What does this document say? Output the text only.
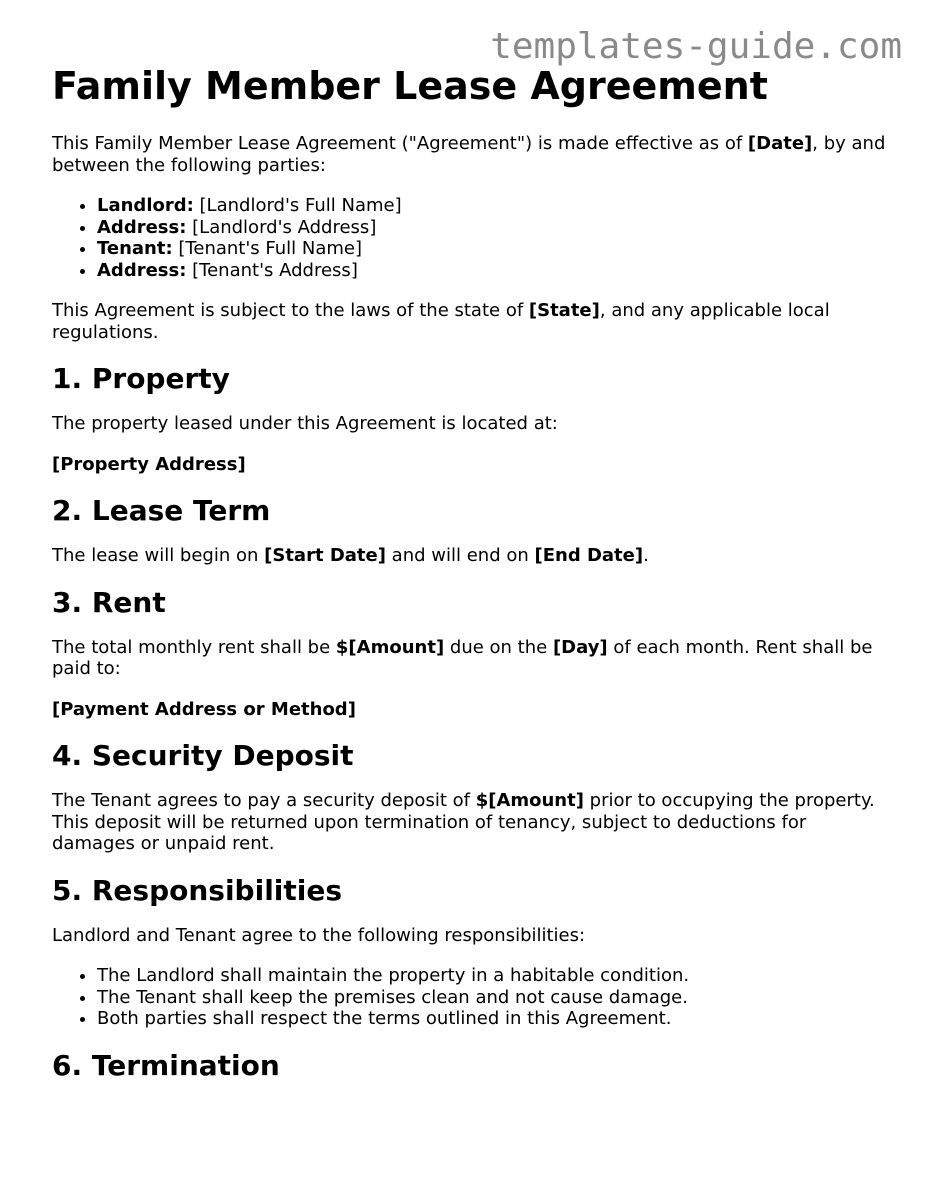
templates-guide.com
Family Member Lease Agreement

This Family Member Lease Agreement ("Agreement") is made effective as of [Date], by and between the following parties:

• Landlord: [Landlord's Full Name]
• Address: [Landlord's Address]
• Tenant: [Tenant's Full Name]
• Address: [Tenant's Address]

This Agreement is subject to the laws of the state of [State], and any applicable local regulations.

1. Property

The property leased under this Agreement is located at:

[Property Address]

2. Lease Term

The lease will begin on [Start Date] and will end on [End Date].

3. Rent

The total monthly rent shall be $[Amount] due on the [Day] of each month. Rent shall be paid to:

[Payment Address or Method]

4. Security Deposit

The Tenant agrees to pay a security deposit of $[Amount] prior to occupying the property. This deposit will be returned upon termination of tenancy, subject to deductions for damages or unpaid rent.

5. Responsibilities

Landlord and Tenant agree to the following responsibilities:

• The Landlord shall maintain the property in a habitable condition.
• The Tenant shall keep the premises clean and not cause damage.
• Both parties shall respect the terms outlined in this Agreement.
6. Termination
